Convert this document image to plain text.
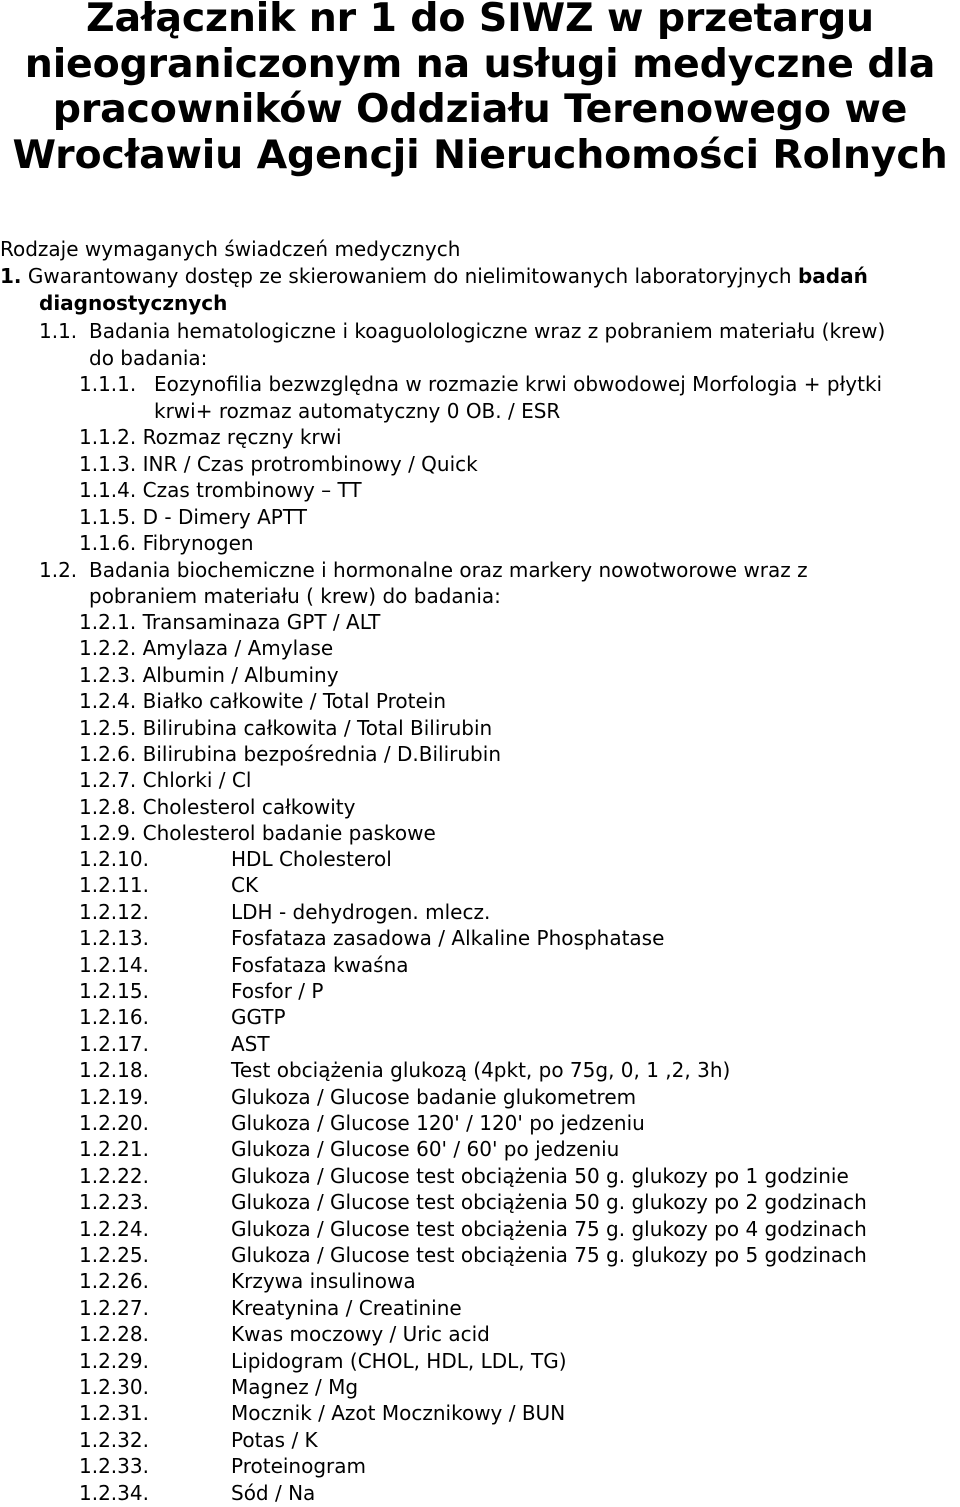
Załącznik nr 1 do SIWZ w przetargu nieograniczonym na usługi medyczne dla pracowników Oddziału Terenowego we Wrocławiu Agencji Nieruchomości Rolnych
Rodzaje wymaganych świadczeń medycznych
1. Gwarantowany dostęp ze skierowaniem do nielimitowanych laboratoryjnych badań
diagnostycznych
1.1. Badania hematologiczne i koaguolologiczne wraz z pobraniem materiału (krew)
do badania:
1.1.1. Eozynofilia bezwzględna w rozmazie krwi obwodowej Morfologia + płytki
krwi+ rozmaz automatyczny 0 OB. / ESR
1.1.2. Rozmaz ręczny krwi
1.1.3. INR / Czas protrombinowy / Quick
1.1.4. Czas trombinowy – TT
1.1.5. D - Dimery APTT
1.1.6. Fibrynogen
1.2. Badania biochemiczne i hormonalne oraz markery nowotworowe wraz z
pobraniem materiału ( krew) do badania:
1.2.1. Transaminaza GPT / ALT
1.2.2. Amylaza / Amylase
1.2.3. Albumin / Albuminy
1.2.4. Białko całkowite / Total Protein
1.2.5. Bilirubina całkowita / Total Bilirubin
1.2.6. Bilirubina bezpośrednia / D.Bilirubin
1.2.7. Chlorki / Cl
1.2.8. Cholesterol całkowity
1.2.9. Cholesterol badanie paskowe
1.2.10.	HDL Cholesterol
1.2.11.	CK
1.2.12.	LDH - dehydrogen. mlecz.
1.2.13.	Fosfataza zasadowa / Alkaline Phosphatase
1.2.14.	Fosfataza kwaśna
1.2.15.	Fosfor / P
1.2.16.	GGTP
1.2.17.	AST
1.2.18.	Test obciążenia glukozą (4pkt, po 75g, 0, 1 ,2, 3h)
1.2.19.	Glukoza / Glucose badanie glukometrem
1.2.20.	Glukoza / Glucose 120' / 120' po jedzeniu
1.2.21.	Glukoza / Glucose 60' / 60' po jedzeniu
1.2.22.	Glukoza / Glucose test obciążenia 50 g. glukozy po 1 godzinie
1.2.23.	Glukoza / Glucose test obciążenia 50 g. glukozy po 2 godzinach
1.2.24.	Glukoza / Glucose test obciążenia 75 g. glukozy po 4 godzinach
1.2.25.	Glukoza / Glucose test obciążenia 75 g. glukozy po 5 godzinach
1.2.26.	Krzywa insulinowa
1.2.27.	Kreatynina / Creatinine
1.2.28.	Kwas moczowy / Uric acid
1.2.29.	Lipidogram (CHOL, HDL, LDL, TG)
1.2.30.	Magnez / Mg
1.2.31.	Mocznik / Azot Mocznikowy / BUN
1.2.32.	Potas / K
1.2.33.	Proteinogram
1.2.34.	Sód / Na
